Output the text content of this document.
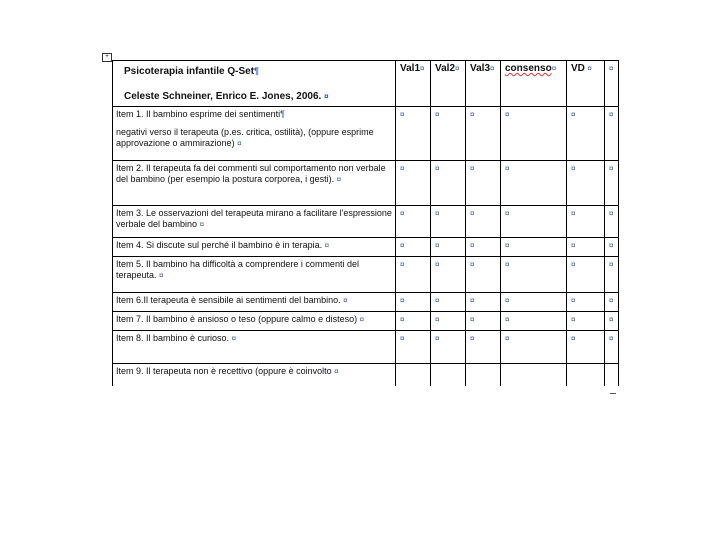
+
Psicoterapia infantile Q-Set¶
Celeste Schneiner, Enrico E. Jones, 2006. ¤	Val1¤	Val2¤	Val3¤	consenso¤	VD ¤	¤
Item 1. Il bambino esprime dei sentimenti¶
negativi verso il terapeuta (p.es. critica, ostilità), (oppure esprime approvazione o ammirazione) ¤	¤	¤	¤	¤	¤	¤
Item 2. Il terapeuta fa dei commenti sul comportamento non verbale del bambino (per esempio la postura corporea, i gesti). ¤	¤	¤	¤	¤	¤	¤
Item 3. Le osservazioni del terapeuta mirano a facilitare l'espressione verbale del bambino ¤	¤	¤	¤	¤	¤	¤
Item 4. Si discute sul perché il bambino è in terapia. ¤	¤	¤	¤	¤	¤	¤
Item 5. Il bambino ha difficoltà a comprendere i commenti del terapeuta. ¤	¤	¤	¤	¤	¤	¤
Item 6.Il terapeuta è sensibile ai sentimenti del bambino. ¤	¤	¤	¤	¤	¤	¤
Item 7. Il bambino è ansioso o teso (oppure calmo e disteso) ¤	¤	¤	¤	¤	¤	¤
Item 8. Il bambino è curioso. ¤	¤	¤	¤	¤	¤	¤
Item 9. Il terapeuta non è recettivo (oppure è coinvolto ¤						
